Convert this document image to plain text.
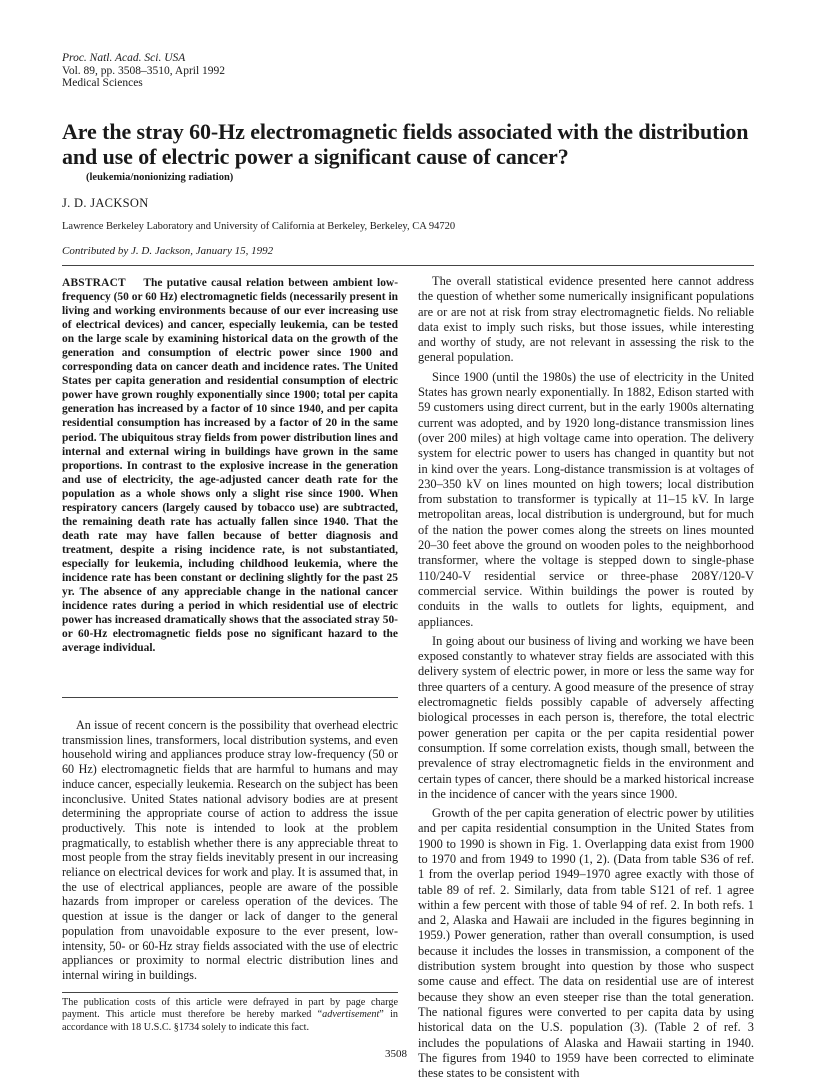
Proc. Natl. Acad. Sci. USA
Vol. 89, pp. 3508–3510, April 1992
Medical Sciences
Are the stray 60-Hz electromagnetic fields associated with the distribution and use of electric power a significant cause of cancer?
(leukemia/nonionizing radiation)
J. D. JACKSON
Lawrence Berkeley Laboratory and University of California at Berkeley, Berkeley, CA 94720
Contributed by J. D. Jackson, January 15, 1992
ABSTRACT The putative causal relation between ambient low-frequency (50 or 60 Hz) electromagnetic fields (necessarily present in living and working environments because of our ever increasing use of electrical devices) and cancer, especially leukemia, can be tested on the large scale by examining historical data on the growth of the generation and consumption of electric power since 1900 and corresponding data on cancer death and incidence rates. The United States per capita generation and residential consumption of electric power have grown roughly exponentially since 1900; total per capita generation has increased by a factor of 10 since 1940, and per capita residential consumption has increased by a factor of 20 in the same period. The ubiquitous stray fields from power distribution lines and internal and external wiring in buildings have grown in the same proportions. In contrast to the explosive increase in the generation and use of electricity, the age-adjusted cancer death rate for the population as a whole shows only a slight rise since 1900. When respiratory cancers (largely caused by tobacco use) are subtracted, the remaining death rate has actually fallen since 1940. That the death rate may have fallen because of better diagnosis and treatment, despite a rising incidence rate, is not substantiated, especially for leukemia, including childhood leukemia, where the incidence rate has been constant or declining slightly for the past 25 yr. The absence of any appreciable change in the national cancer incidence rates during a period in which residential use of electric power has increased dramatically shows that the associated stray 50- or 60-Hz electromagnetic fields pose no significant hazard to the average individual.

An issue of recent concern is the possibility that overhead electric transmission lines, transformers, local distribution systems, and even household wiring and appliances produce stray low-frequency (50 or 60 Hz) electromagnetic fields that are harmful to humans and may induce cancer, especially leukemia. Research on the subject has been inconclusive. United States national advisory bodies are at present determining the appropriate course of action to address the issue productively. This note is intended to look at the problem pragmatically, to establish whether there is any appreciable threat to most people from the stray fields inevitably present in our increasing reliance on electrical devices for work and play. It is assumed that, in the use of electrical appliances, people are aware of the possible hazards from improper or careless operation of the devices. The question at issue is the danger or lack of danger to the general population from unavoidable exposure to the ever present, low-intensity, 50- or 60-Hz stray fields associated with the use of electric appliances or proximity to normal electric distribution lines and internal wiring in buildings.

The publication costs of this article were defrayed in part by page charge payment. This article must therefore be hereby marked “advertisement” in accordance with 18 U.S.C. §1734 solely to indicate this fact.

The overall statistical evidence presented here cannot address the question of whether some numerically insignificant populations are or are not at risk from stray electromagnetic fields. No reliable data exist to imply such risks, but those issues, while interesting and worthy of study, are not relevant in assessing the risk to the general population.

Since 1900 (until the 1980s) the use of electricity in the United States has grown nearly exponentially. In 1882, Edison started with 59 customers using direct current, but in the early 1900s alternating current was adopted, and by 1920 long-distance transmission lines (over 200 miles) at high voltage came into operation. The delivery system for electric power to users has changed in quantity but not in kind over the years. Long-distance transmission is at voltages of 230–350 kV on lines mounted on high towers; local distribution from substation to transformer is typically at 11–15 kV. In large metropolitan areas, local distribution is underground, but for much of the nation the power comes along the streets on lines mounted 20–30 feet above the ground on wooden poles to the neighborhood transformer, where the voltage is stepped down to single-phase 110/240-V residential service or three-phase 208Y/120-V commercial service. Within buildings the power is routed by conduits in the walls to outlets for lights, equipment, and appliances.

In going about our business of living and working we have been exposed constantly to whatever stray fields are associated with this delivery system of electric power, in more or less the same way for three quarters of a century. A good measure of the presence of stray electromagnetic fields possibly capable of adversely affecting biological processes in each person is, therefore, the total electric power generation per capita or the per capita residential power consumption. If some correlation exists, though small, between the prevalence of stray electromagnetic fields in the environment and certain types of cancer, there should be a marked historical increase in the incidence of cancer with the years since 1900.

Growth of the per capita generation of electric power by utilities and per capita residential consumption in the United States from 1900 to 1990 is shown in Fig. 1. Overlapping data exist from 1900 to 1970 and from 1949 to 1990 (1, 2). (Data from table S36 of ref. 1 from the overlap period 1949–1970 agree exactly with those of table 89 of ref. 2. Similarly, data from table S121 of ref. 1 agree within a few percent with those of table 94 of ref. 2. In both refs. 1 and 2, Alaska and Hawaii are included in the figures beginning in 1959.) Power generation, rather than overall consumption, is used because it includes the losses in transmission, a component of the distribution system brought into question by those who suspect some cause and effect. The data on residential use are of interest because they show an even steeper rise than the total generation. The national figures were converted to per capita data by using historical data on the U.S. population (3). (Table 2 of ref. 3 includes the populations of Alaska and Hawaii starting in 1940. The figures from 1940 to 1959 have been corrected to eliminate these states to be consistent with

3508
